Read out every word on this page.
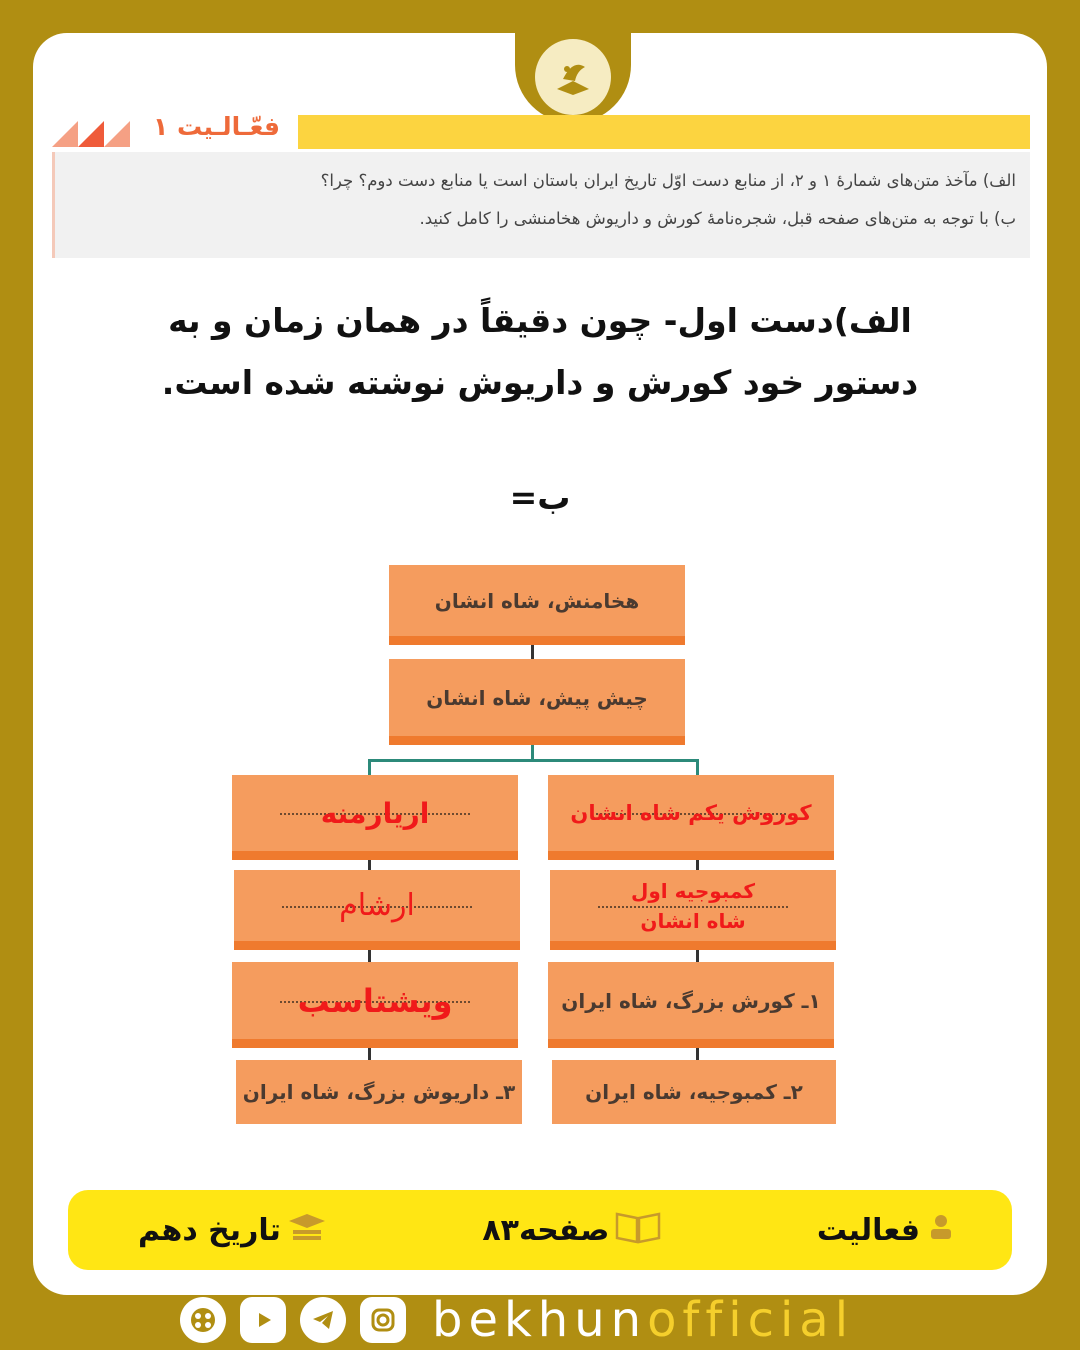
فعّـالـیت ۱
الف) مآخذ متن‌های شمارهٔ ۱ و ۲، از منابع دست اوّل تاریخ ایران باستان است یا منابع دست دوم؟ چرا؟
ب) با توجه به متن‌های صفحه قبل، شجره‌نامهٔ کورش و داریوش هخامنشی را کامل کنید.
الف)دست اول- چون دقیقاً در همان زمان و به
دستور خود کورش و داریوش نوشته شده است.
ب=
هخامنش، شاه انشان
چیش پیش، شاه انشان
اریارمنه
ارشام
ویشتاسب
۳ـ داریوش بزرگ، شاه ایران
کوروش یکم شاه انشان
کمبوجیه اول
شاه انشان
۱ـ کورش بزرگ، شاه ایران
۲ـ کمبوجیه، شاه ایران
فعالیت
صفحه۸۳
تاریخ دهم
bekhunofficial
